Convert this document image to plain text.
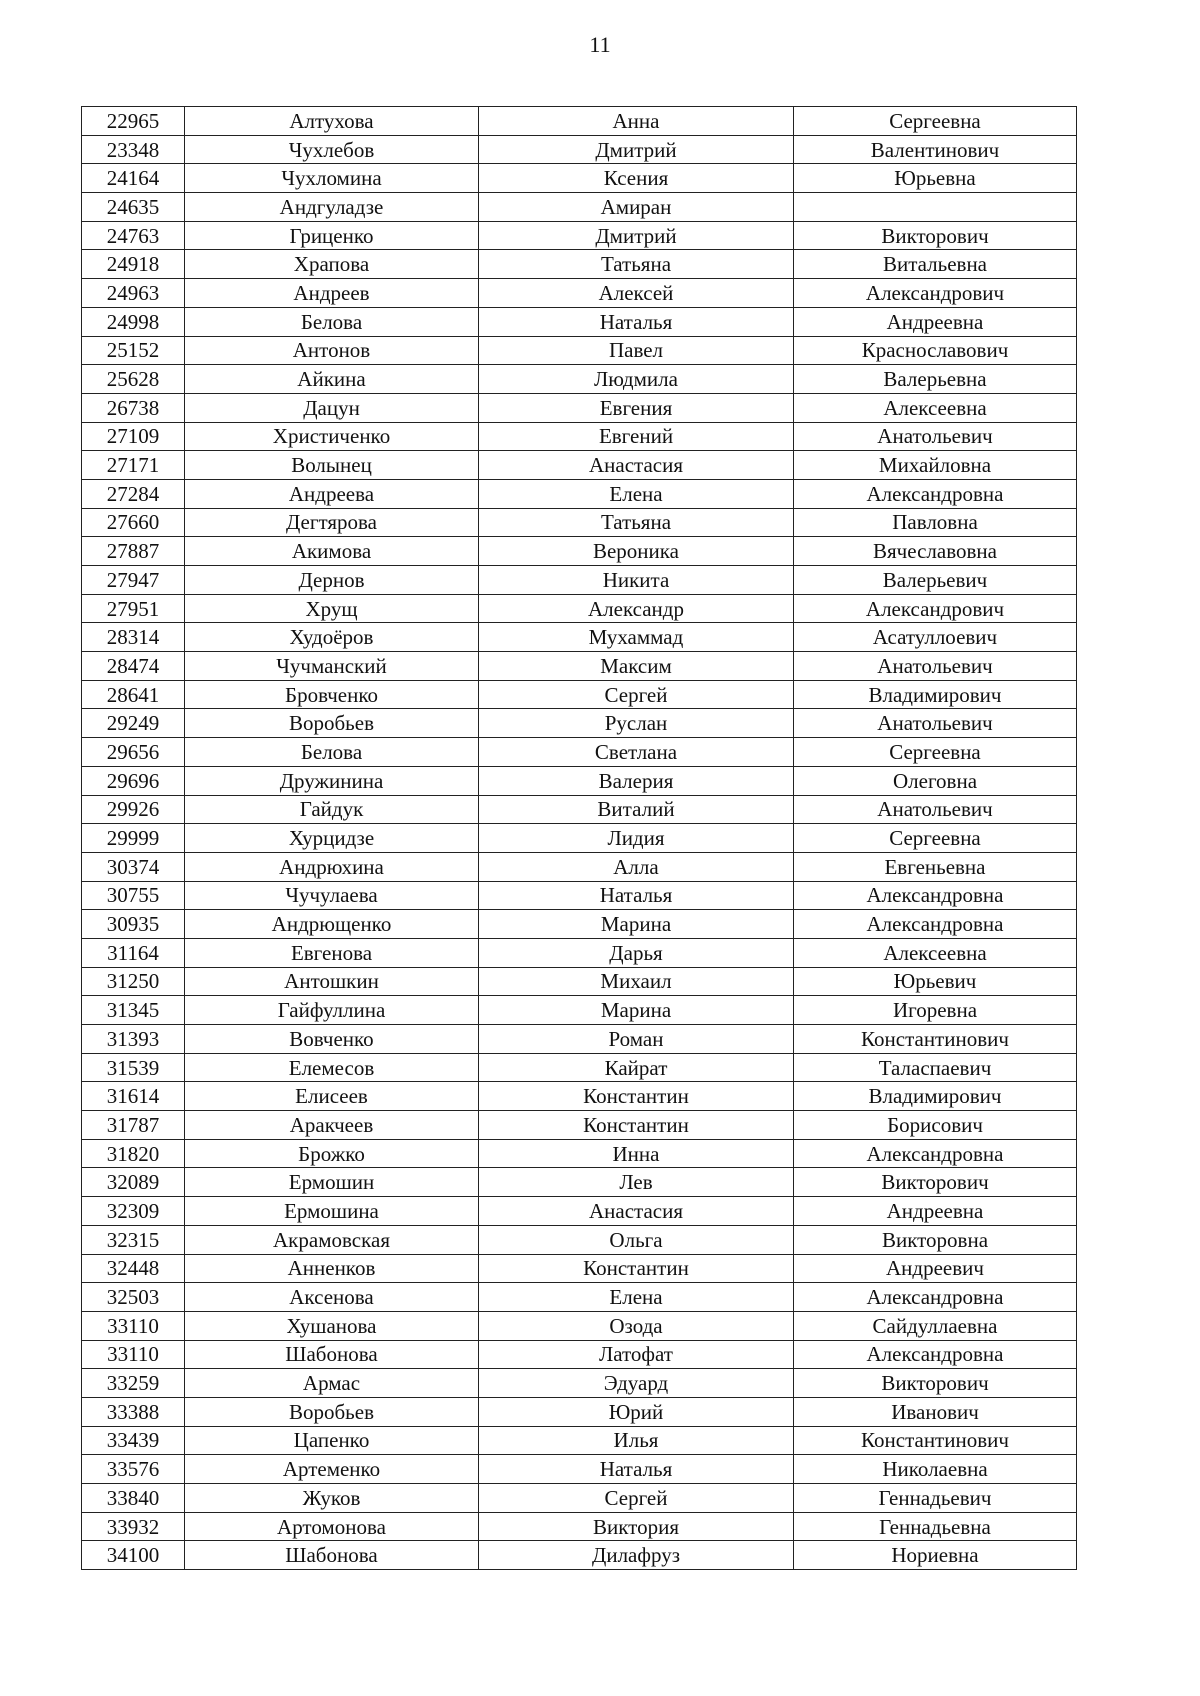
11
22965	Алтухова	Анна	Сергеевна
23348	Чухлебов	Дмитрий	Валентинович
24164	Чухломина	Ксения	Юрьевна
24635	Андгуладзе	Амиран	
24763	Гриценко	Дмитрий	Викторович
24918	Храпова	Татьяна	Витальевна
24963	Андреев	Алексей	Александрович
24998	Белова	Наталья	Андреевна
25152	Антонов	Павел	Краснославович
25628	Айкина	Людмила	Валерьевна
26738	Дацун	Евгения	Алексеевна
27109	Христиченко	Евгений	Анатольевич
27171	Волынец	Анастасия	Михайловна
27284	Андреева	Елена	Александровна
27660	Дегтярова	Татьяна	Павловна
27887	Акимова	Вероника	Вячеславовна
27947	Дернов	Никита	Валерьевич
27951	Хрущ	Александр	Александрович
28314	Худоёров	Мухаммад	Асатуллоевич
28474	Чучманский	Максим	Анатольевич
28641	Бровченко	Сергей	Владимирович
29249	Воробьев	Руслан	Анатольевич
29656	Белова	Светлана	Сергеевна
29696	Дружинина	Валерия	Олеговна
29926	Гайдук	Виталий	Анатольевич
29999	Хурцидзе	Лидия	Сергеевна
30374	Андрюхина	Алла	Евгеньевна
30755	Чучулаева	Наталья	Александровна
30935	Андрющенко	Марина	Александровна
31164	Евгенова	Дарья	Алексеевна
31250	Антошкин	Михаил	Юрьевич
31345	Гайфуллина	Марина	Игоревна
31393	Вовченко	Роман	Константинович
31539	Елемесов	Кайрат	Таласпаевич
31614	Елисеев	Константин	Владимирович
31787	Аракчеев	Константин	Борисович
31820	Брожко	Инна	Александровна
32089	Ермошин	Лев	Викторович
32309	Ермошина	Анастасия	Андреевна
32315	Акрамовская	Ольга	Викторовна
32448	Анненков	Константин	Андреевич
32503	Аксенова	Елена	Александровна
33110	Хушанова	Озода	Сайдуллаевна
33110	Шабонова	Латофат	Александровна
33259	Армас	Эдуард	Викторович
33388	Воробьев	Юрий	Иванович
33439	Цапенко	Илья	Константинович
33576	Артеменко	Наталья	Николаевна
33840	Жуков	Сергей	Геннадьевич
33932	Артомонова	Виктория	Геннадьевна
34100	Шабонова	Дилафруз	Нориевна
